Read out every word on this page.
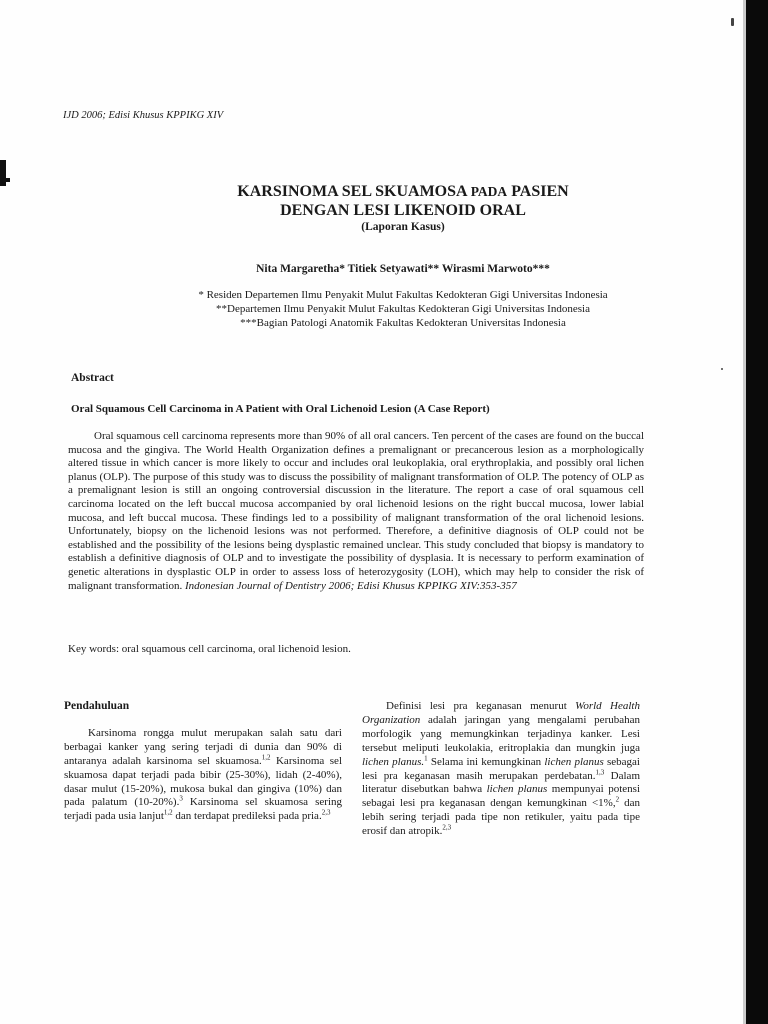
IJD 2006; Edisi Khusus KPPIKG XIV
KARSINOMA SEL SKUAMOSA PADA PASIEN
DENGAN LESI LIKENOID ORAL
(Laporan Kasus)
Nita Margaretha* Titiek Setyawati** Wirasmi Marwoto***
* Residen Departemen Ilmu Penyakit Mulut Fakultas Kedokteran Gigi Universitas Indonesia
**Departemen Ilmu Penyakit Mulut Fakultas Kedokteran Gigi Universitas Indonesia
***Bagian Patologi Anatomik Fakultas Kedokteran Universitas Indonesia
Abstract
Oral Squamous Cell Carcinoma in A Patient with Oral Lichenoid Lesion (A Case Report)
Oral squamous cell carcinoma represents more than 90% of all oral cancers. Ten percent of the cases are found on the buccal mucosa and the gingiva. The World Health Organization defines a premalignant or precancerous lesion as a morphologically altered tissue in which cancer is more likely to occur and includes oral leukoplakia, oral erythroplakia, and possibly oral lichen planus (OLP). The purpose of this study was to discuss the possibility of malignant transformation of OLP. The potency of OLP as a premalignant lesion is still an ongoing controversial discussion in the literature. The report a case of oral squamous cell carcinoma located on the left buccal mucosa accompanied by oral lichenoid lesions on the right buccal mucosa, lower labial mucosa, and left buccal mucosa. These findings led to a possibility of malignant transformation of the oral lichenoid lesions. Unfortunately, biopsy on the lichenoid lesions was not performed. Therefore, a definitive diagnosis of OLP could not be established and the possibility of the lesions being dysplastic remained unclear. This study concluded that biopsy is mandatory to establish a definitive diagnosis of OLP and to investigate the possibility of dysplasia. It is necessary to perform examination of genetic alterations in dysplastic OLP in order to assess loss of heterozygosity (LOH), which may help to consider the risk of malignant transformation. Indonesian Journal of Dentistry 2006; Edisi Khusus KPPIKG XIV:353-357
Key words: oral squamous cell carcinoma, oral lichenoid lesion.
Pendahuluan

Karsinoma rongga mulut merupakan salah satu dari berbagai kanker yang sering terjadi di dunia dan 90% di antaranya adalah karsinoma sel skuamosa.$^{1,2}$ Karsinoma sel skuamosa dapat terjadi pada bibir (25-30%), lidah (2-40%), dasar mulut (15-20%), mukosa bukal dan gingiva (10%) dan pada palatum (10-20%).$^3$ Karsinoma sel skuamosa sering terjadi pada usia lanjut$^{1,2}$ dan terdapat predileksi pada pria.$^{2,3}$

Definisi lesi pra keganasan menurut World Health Organization adalah jaringan yang mengalami perubahan morfologik yang memungkinkan terjadinya kanker. Lesi tersebut meliputi leukolakia, eritroplakia dan mungkin juga lichen planus.$^1$ Selama ini kemungkinan lichen planus sebagai lesi pra keganasan masih merupakan perdebatan.$^{1,3}$ Dalam literatur disebutkan bahwa lichen planus mempunyai potensi sebagai lesi pra keganasan dengan kemungkinan <1%,$^2$ dan lebih sering terjadi pada tipe non retikuler, yaitu pada tipe erosif dan atropik.$^{2,3}$
